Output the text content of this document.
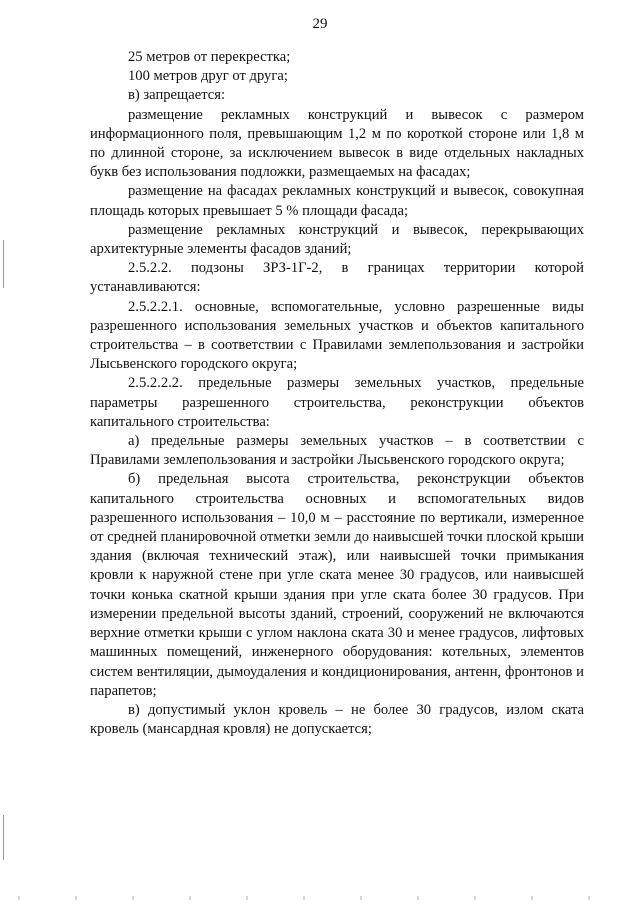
29

25 метров от перекрестка;

100 метров друг от друга;

в) запрещается:

размещение рекламных конструкций и вывесок с размером информационного поля, превышающим 1,2 м по короткой стороне или 1,8 м по длинной стороне, за исключением вывесок в виде отдельных накладных букв без использования подложки, размещаемых на фасадах;

размещение на фасадах рекламных конструкций и вывесок, совокупная площадь которых превышает 5 % площади фасада;

размещение рекламных конструкций и вывесок, перекрывающих архитектурные элементы фасадов зданий;

2.5.2.2. подзоны ЗРЗ-1Г-2, в границах территории которой устанавливаются:

2.5.2.2.1. основные, вспомогательные, условно разрешенные виды разрешенного использования земельных участков и объектов капитального строительства – в соответствии с Правилами землепользования и застройки Лысьвенского городского округа;

2.5.2.2.2. предельные размеры земельных участков, предельные параметры разрешенного строительства, реконструкции объектов капитального строительства:

а) предельные размеры земельных участков – в соответствии с Правилами землепользования и застройки Лысьвенского городского округа;

б) предельная высота строительства, реконструкции объектов капитального строительства основных и вспомогательных видов разрешенного использования – 10,0 м – расстояние по вертикали, измеренное от средней планировочной отметки земли до наивысшей точки плоской крыши здания (включая технический этаж), или наивысшей точки примыкания кровли к наружной стене при угле ската менее 30 градусов, или наивысшей точки конька скатной крыши здания при угле ската более 30 градусов. При измерении предельной высоты зданий, строений, сооружений не включаются верхние отметки крыши с углом наклона ската 30 и менее градусов, лифтовых машинных помещений, инженерного оборудования: котельных, элементов систем вентиляции, дымоудаления и кондиционирования, антенн, фронтонов и парапетов;

в) допустимый уклон кровель – не более 30 градусов, излом ската кровель (мансардная кровля) не допускается;
